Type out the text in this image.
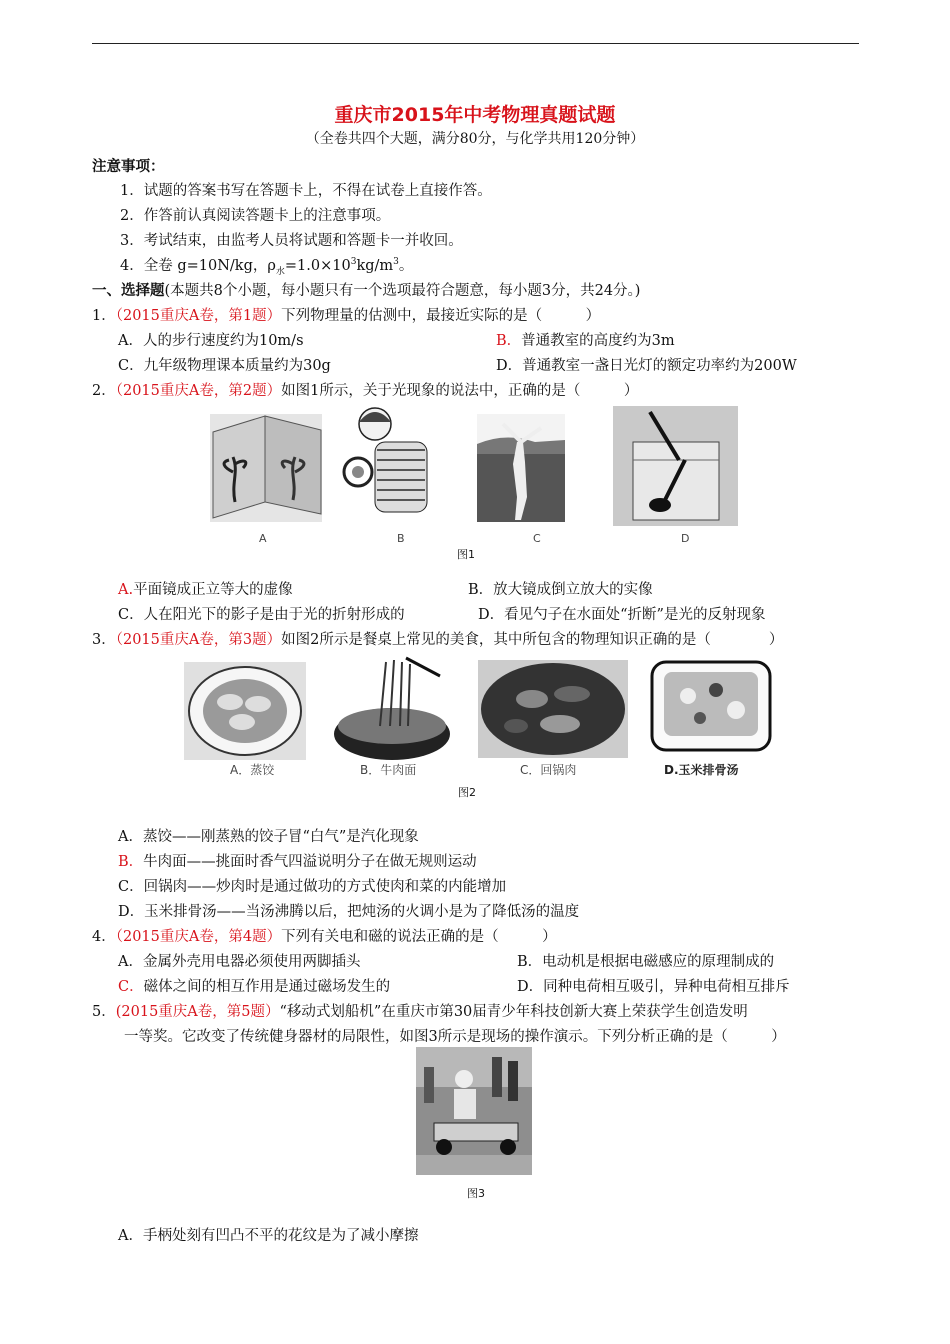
重庆市2015年中考物理真题试题
（全卷共四个大题，满分80分，与化学共用120分钟）
注意事项：
1．试题的答案书写在答题卡上，不得在试卷上直接作答。
2．作答前认真阅读答题卡上的注意事项。
3．考试结束，由监考人员将试题和答题卡一并收回。
4．全卷 g=10N/kg，$\rho_水=1.0\times 10^3kg/m^3$。
一、选择题(本题共8个小题，每小题只有一个选项最符合题意，每小题3分，共24分。)
1．（2015重庆A卷，第1题）下列物理量的估测中，最接近实际的是（　　　）
A．人的步行速度约为10m/s	B．普通教室的高度约为3m
C．九年级物理课本质量约为30g	D．普通教室一盏日光灯的额定功率约为200W
2．（2015重庆A卷，第2题）如图1所示，关于光现象的说法中，正确的是（　　　）
A	B	C	D
图1
A.平面镜成正立等大的虚像	B．放大镜成倒立放大的实像
C．人在阳光下的影子是由于光的折射形成的	D．看见勺子在水面处“折断”是光的反射现象
3．（2015重庆A卷，第3题）如图2所示是餐桌上常见的美食，其中所包含的物理知识正确的是（　　　　）
A．蒸饺	B．牛肉面	C．回锅肉	D.玉米排骨汤
图2
A．蒸饺——刚蒸熟的饺子冒“白气”是汽化现象
B．牛肉面——挑面时香气四溢说明分子在做无规则运动
C．回锅肉——炒肉时是通过做功的方式使肉和菜的内能增加
D．玉米排骨汤——当汤沸腾以后，把炖汤的火调小是为了降低汤的温度
4．（2015重庆A卷，第4题）下列有关电和磁的说法正确的是（　　　）
A．金属外壳用电器必须使用两脚插头	B．电动机是根据电磁感应的原理制成的
C．磁体之间的相互作用是通过磁场发生的	D．同种电荷相互吸引，异种电荷相互排斥
5．(2015重庆A卷，第5题）“移动式划船机”在重庆市第30届青少年科技创新大赛上荣获学生创造发明
一等奖。它改变了传统健身器材的局限性，如图3所示是现场的操作演示。下列分析正确的是（　　　）
图3
A．手柄处刻有凹凸不平的花纹是为了减小摩擦
